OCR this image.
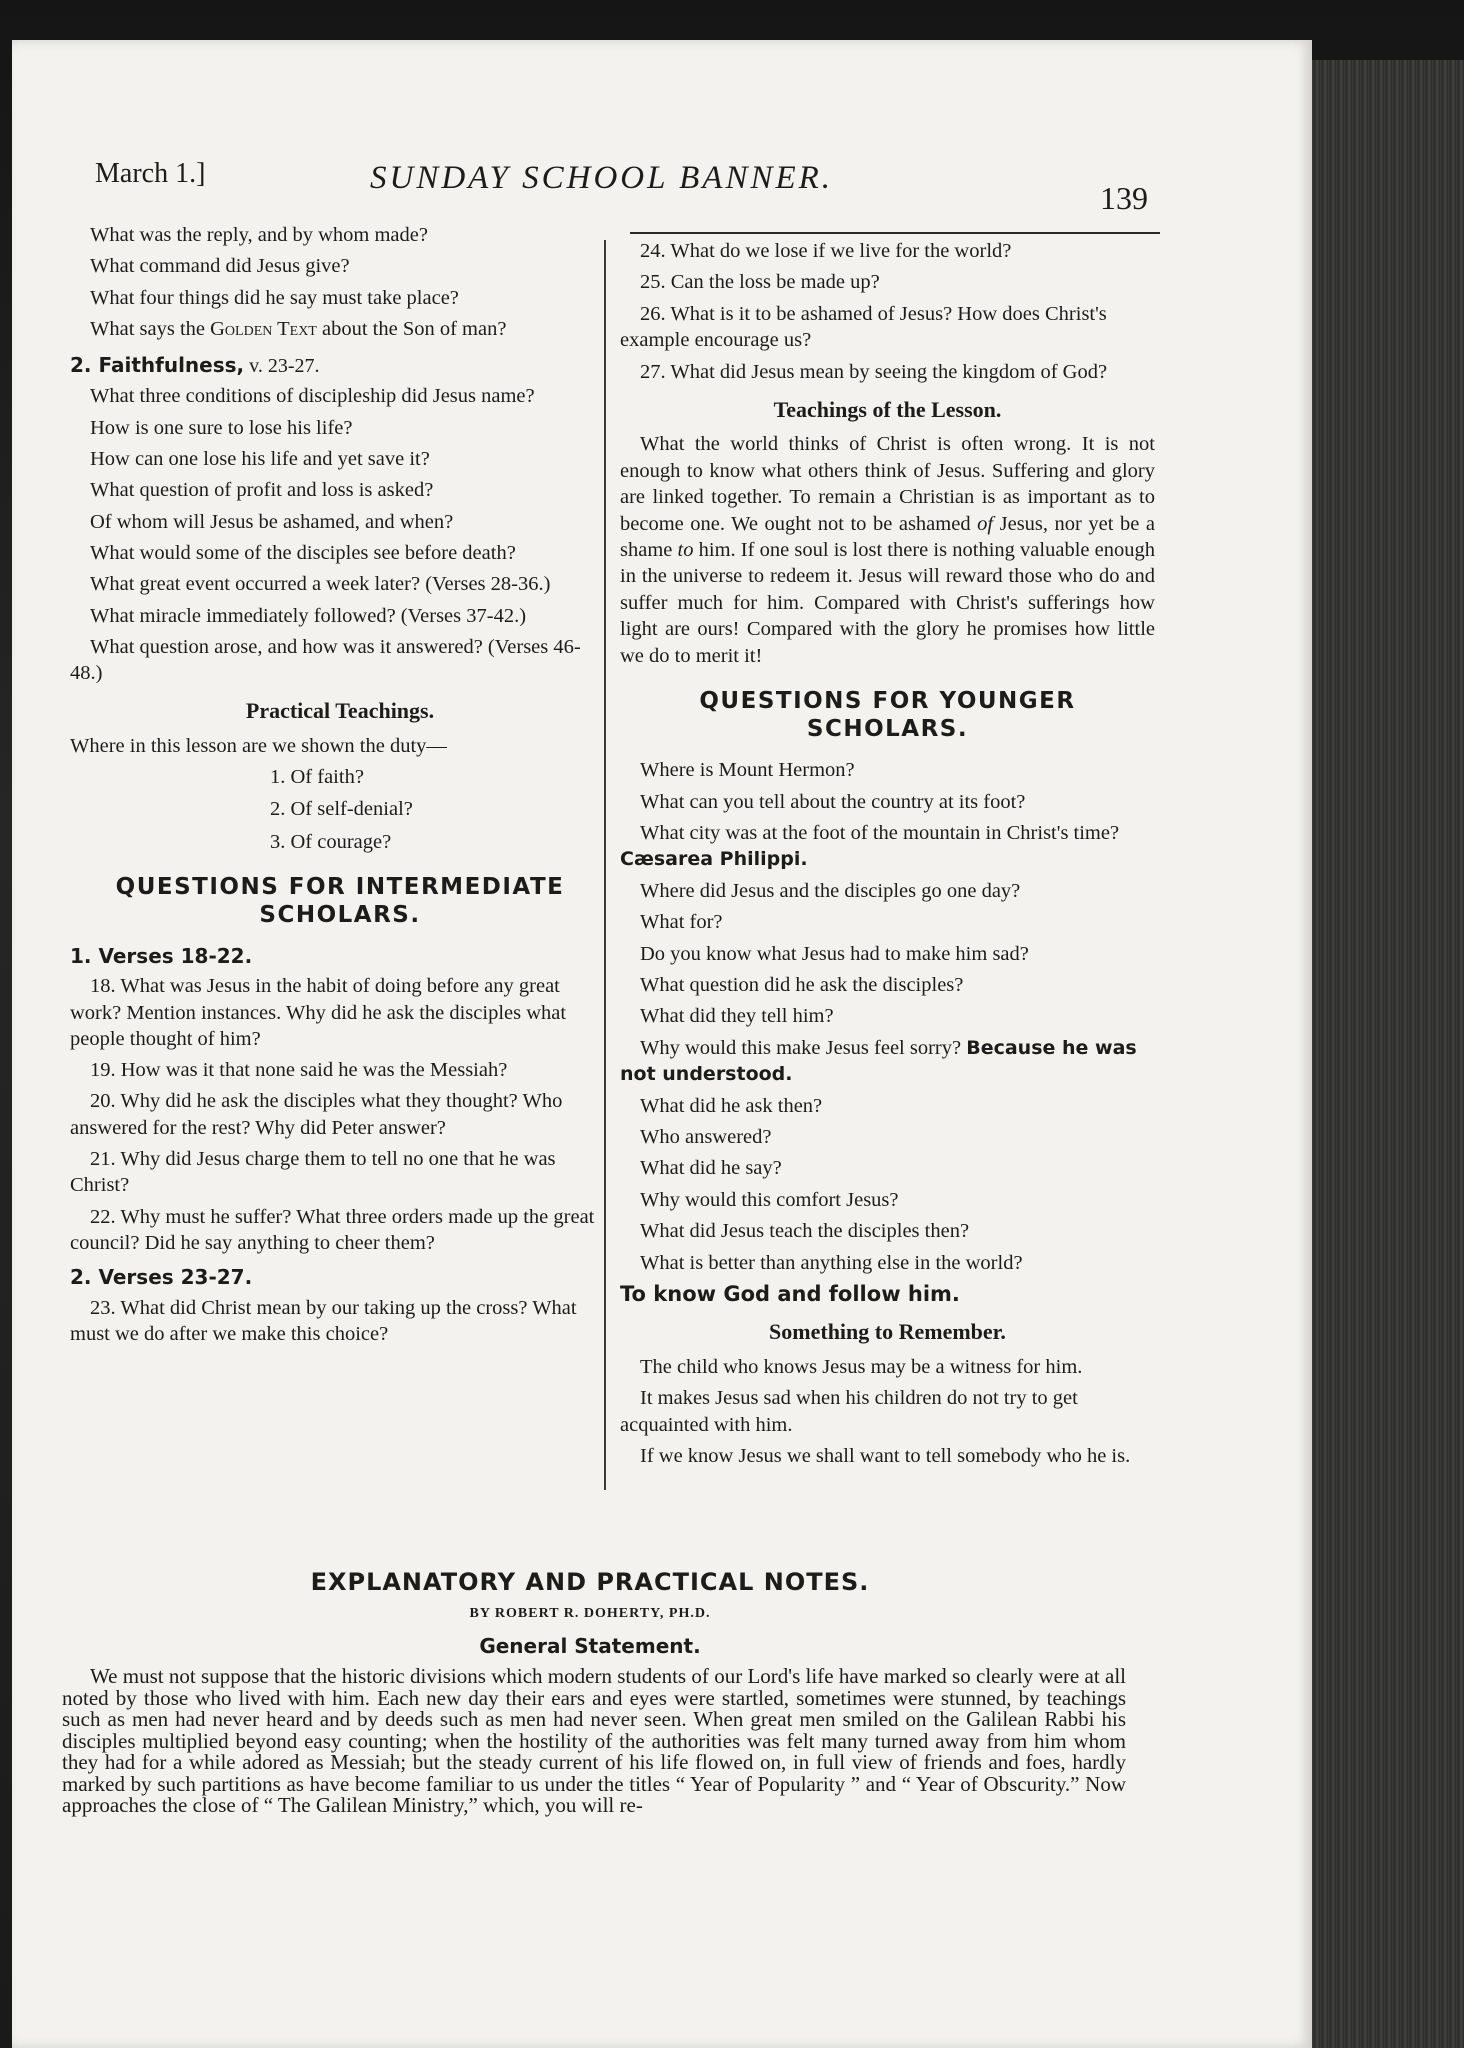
March 1.]	SUNDAY SCHOOL BANNER.
139

What was the reply, and by whom made?

What command did Jesus give?

What four things did he say must take place?

What says the Golden Text about the Son of man?

2. Faithfulness, v. 23-27.

What three conditions of discipleship did Jesus name?

How is one sure to lose his life?

How can one lose his life and yet save it?

What question of profit and loss is asked?

Of whom will Jesus be ashamed, and when?

What would some of the disciples see before death?

What great event occurred a week later? (Verses 28-36.)

What miracle immediately followed? (Verses 37-42.)

What question arose, and how was it answered? (Verses 46-48.)

Practical Teachings.

Where in this lesson are we shown the duty—

1. Of faith?
2. Of self-denial?
3. Of courage?
QUESTIONS FOR INTERMEDIATE SCHOLARS.
1. Verses 18-22.

18. What was Jesus in the habit of doing before any great work? Mention instances. Why did he ask the disciples what people thought of him?

19. How was it that none said he was the Messiah?

20. Why did he ask the disciples what they thought? Who answered for the rest? Why did Peter answer?

21. Why did Jesus charge them to tell no one that he was Christ?

22. Why must he suffer? What three orders made up the great council? Did he say anything to cheer them?

2. Verses 23-27.

23. What did Christ mean by our taking up the cross? What must we do after we make this choice?

24. What do we lose if we live for the world?

25. Can the loss be made up?

26. What is it to be ashamed of Jesus? How does Christ's example encourage us?

27. What did Jesus mean by seeing the kingdom of God?

Teachings of the Lesson.

What the world thinks of Christ is often wrong. It is not enough to know what others think of Jesus. Suffering and glory are linked together. To remain a Christian is as important as to become one. We ought not to be ashamed of Jesus, nor yet be a shame to him. If one soul is lost there is nothing valuable enough in the universe to redeem it. Jesus will reward those who do and suffer much for him. Compared with Christ's sufferings how light are ours! Compared with the glory he promises how little we do to merit it!

QUESTIONS FOR YOUNGER SCHOLARS.

Where is Mount Hermon?

What can you tell about the country at its foot?

What city was at the foot of the mountain in Christ's time? Cæsarea Philippi.

Where did Jesus and the disciples go one day?

What for?

Do you know what Jesus had to make him sad?

What question did he ask the disciples?

What did they tell him?

Why would this make Jesus feel sorry? Because he was not understood.

What did he ask then?

Who answered?

What did he say?

Why would this comfort Jesus?

What did Jesus teach the disciples then?

What is better than anything else in the world?

To know God and follow him.

Something to Remember.

The child who knows Jesus may be a witness for him.

It makes Jesus sad when his children do not try to get acquainted with him.

If we know Jesus we shall want to tell somebody who he is.

EXPLANATORY AND PRACTICAL NOTES.
BY ROBERT R. DOHERTY, PH.D.
General Statement.
We must not suppose that the historic divisions which modern students of our Lord's life have marked so clearly were at all noted by those who lived with him. Each new day their ears and eyes were startled, sometimes were stunned, by teachings such as men had never heard and by deeds such as men had never seen. When great men smiled on the Galilean Rabbi his disciples multiplied beyond easy counting; when the hostility of the authorities was felt many turned away from him whom they had for a while adored as Messiah; but the steady current of his life flowed on, in full view of friends and foes, hardly marked by such partitions as have become familiar to us under the titles “ Year of Popularity ” and “ Year of Obscurity.” Now approaches the close of “ The Galilean Ministry,” which, you will re-
